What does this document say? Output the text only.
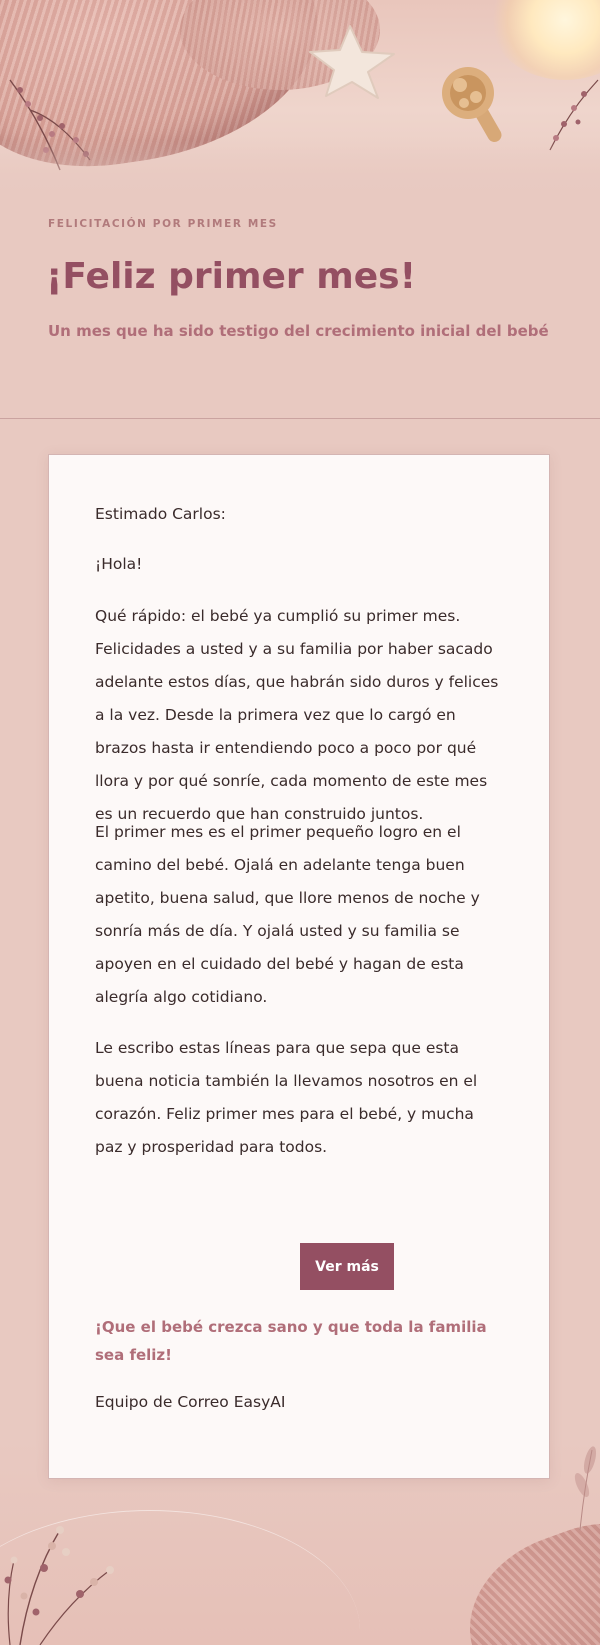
FELICITACIÓN POR PRIMER MES
¡Feliz primer mes!

Un mes que ha sido testigo del crecimiento inicial del bebé

Estimado Carlos:

¡Hola!

Qué rápido: el bebé ya cumplió su primer mes. Felicidades a usted y a su familia por haber sacado adelante estos días, que habrán sido duros y felices a la vez. Desde la primera vez que lo cargó en brazos hasta ir entendiendo poco a poco por qué llora y por qué sonríe, cada momento de este mes es un recuerdo que han construido juntos.

El primer mes es el primer pequeño logro en el camino del bebé. Ojalá en adelante tenga buen apetito, buena salud, que llore menos de noche y sonría más de día. Y ojalá usted y su familia se apoyen en el cuidado del bebé y hagan de esta alegría algo cotidiano.

Le escribo estas líneas para que sepa que esta buena noticia también la llevamos nosotros en el corazón. Feliz primer mes para el bebé, y mucha paz y prosperidad para todos.

Ver más

¡Que el bebé crezca sano y que toda la familia sea feliz!

Equipo de Correo EasyAI
